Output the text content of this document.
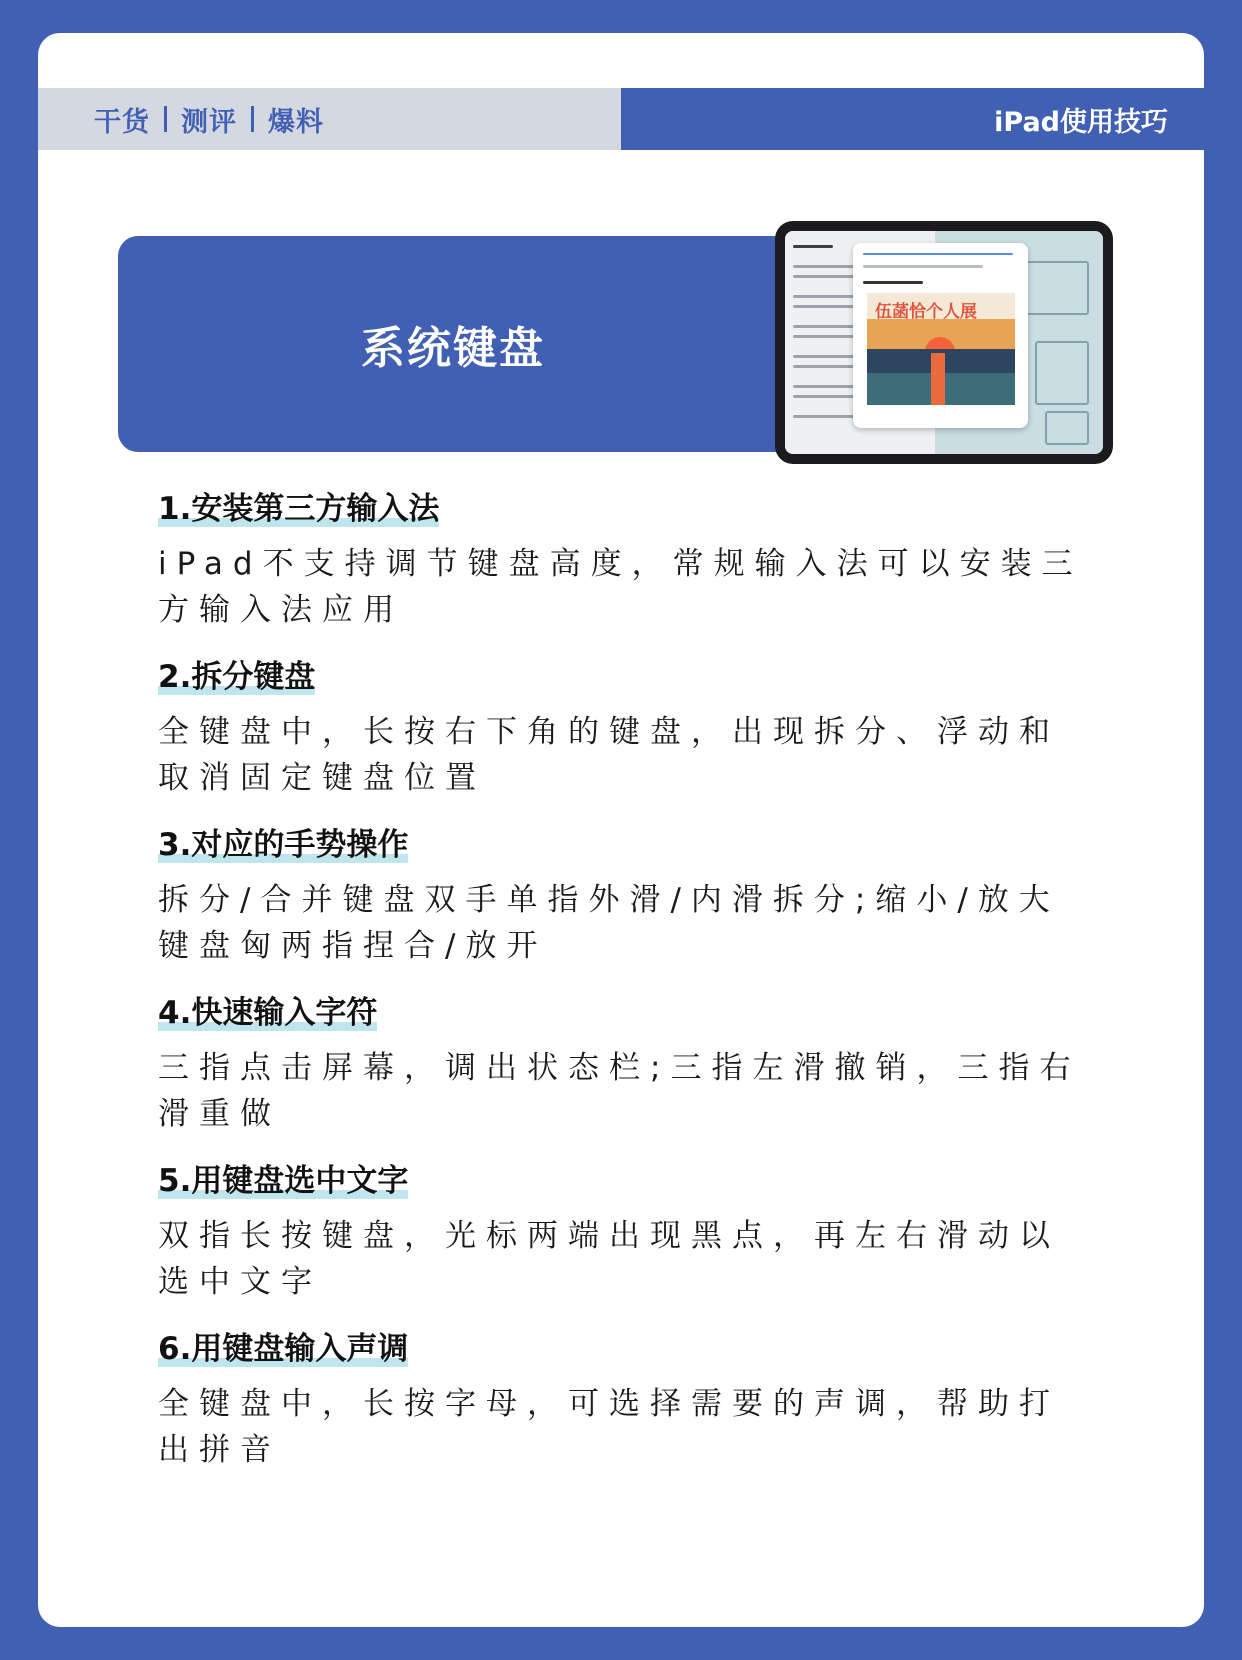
干货 测评 爆料	iPad使用技巧
系统键盘
伍菡恰个人展
1.安装第三方输入法
iPad不支持调节键盘高度，常规输入法可以安装三方输入法应用
2.拆分键盘
全键盘中，长按右下角的键盘，出现拆分、浮动和取消固定键盘位置
3.对应的手势操作
拆分/合并键盘双手单指外滑/内滑拆分;缩小/放大键盘匈两指捏合/放开
4.快速输入字符
三指点击屏幕，调出状态栏;三指左滑撤销，三指右滑重做
5.用键盘选中文字
双指长按键盘，光标两端出现黑点，再左右滑动以选中文字
6.用键盘输入声调
全键盘中，长按字母，可选择需要的声调，帮助打出拼音
